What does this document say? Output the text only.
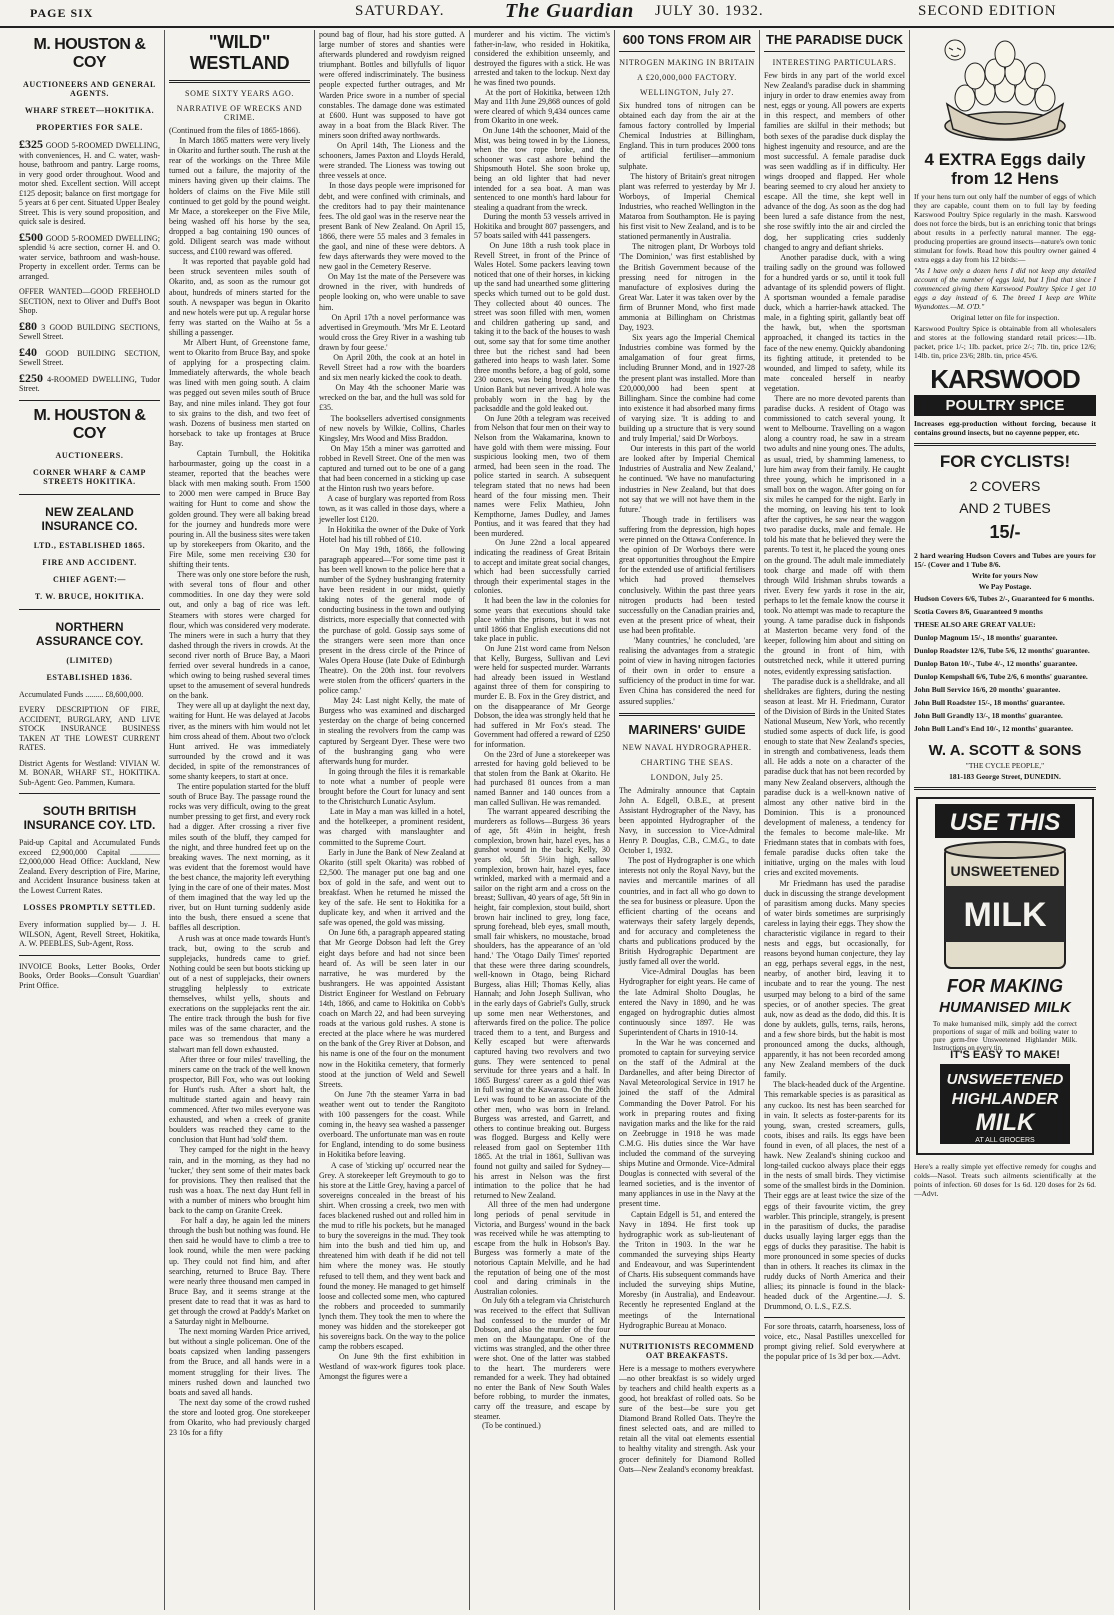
PAGE SIX	SATURDAY.	The Guardian JULY 30. 1932.	SECOND EDITION
M. HOUSTON & COY
AUCTIONEERS AND GENERAL AGENTS.
WHARF STREET—HOKITIKA.
PROPERTIES FOR SALE.

£325 GOOD 5-ROOMED DWELLING, with conveniences, H. and C. water, wash-house, bathroom and pantry. Large rooms, in very good order throughout. Wood and motor shed. Excellent section. Will accept £125 deposit; balance on first mortgage for 5 years at 6 per cent. Situated Upper Bealey Street. This is very sound proposition, and quick sale is desired.

£500 GOOD 5-ROOMED DWELLING; splendid ¼ acre section, corner H. and O. water service, bathroom and wash-house. Property in excellent order. Terms can be arranged.

OFFER WANTED—GOOD FREEHOLD SECTION, next to Oliver and Duff's Boot Shop.

£80 3 GOOD BUILDING SECTIONS, Sewell Street.

£40 GOOD BUILDING SECTION, Sewell Street.

£250 4-ROOMED DWELLING, Tudor Street.

M. HOUSTON & COY
AUCTIONEERS.
CORNER WHARF & CAMP STREETS HOKITIKA.
NEW ZEALAND INSURANCE CO.
LTD., ESTABLISHED 1865.
FIRE AND ACCIDENT.
CHIEF AGENT:—
T. W. BRUCE, HOKITIKA.
NORTHERN ASSURANCE COY.
(LIMITED)
ESTABLISHED 1836.

Accumulated Funds ......... £8,600,000.

EVERY DESCRIPTION OF FIRE, ACCIDENT, BURGLARY, AND LIVE STOCK INSURANCE BUSINESS TAKEN AT THE LOWEST CURRENT RATES.

District Agents for Westland: VIVIAN W. M. BONAR, WHARF ST., HOKITIKA. Sub-Agent: Geo. Pammen, Kumara.

SOUTH BRITISH INSURANCE COY. LTD.

Paid-up Capital and Accumulated Funds exceed £2,900,000 Capital ............... £2,000,000 Head Office: Auckland, New Zealand. Every description of Fire, Marine, and Accident Insurance business taken at the Lowest Current Rates.

LOSSES PROMPTLY SETTLED.

Every information supplied by— J. H. WILSON, Agent, Revell Street, Hokitika, A. W. PEEBLES, Sub-Agent, Ross.

INVOICE Books, Letter Books, Order Books, Order Books—Consult 'Guardian' Print Office.

"WILD" WESTLAND
SOME SIXTY YEARS AGO.
NARRATIVE OF WRECKS AND CRIME.

(Continued from the files of 1865-1866).
In March 1865 matters were very lively in Okarito and further south. The rush at the rear of the workings on the Three Mile turned out a failure, the majority of the miners having given up their claims. The holders of claims on the Five Mile still continued to get gold by the pound weight. Mr Mace, a storekeeper on the Five Mile, being washed off his horse by the sea, dropped a bag containing 190 ounces of gold. Diligent search was made without success, and £100 reward was offered.
It was reported that payable gold had been struck seventeen miles south of Okarito, and, as soon as the rumour got about, hundreds of miners started for the south. A newspaper was begun in Okarito and new hotels were put up. A regular horse ferry was started on the Waiho at 5s a shilling a passenger.
Mr Albert Hunt, of Greenstone fame, went to Okarito from Bruce Bay, and spoke of applying for a prospecting claim. Immediately afterwards, the whole beach was lined with men going south. A claim was pegged out seven miles south of Bruce Bay, and nine miles inland. They got four to six grains to the dish, and two feet of wash. Dozens of business men started on horseback to take up frontages at Bruce Bay.
Captain Turnbull, the Hokitika harbourmaster, going up the coast in a steamer, reported that the beaches were black with men making south. From 1500 to 2000 men were camped in Bruce Bay waiting for Hunt to come and show the golden ground. They were all baking bread for the journey and hundreds more were pouring in. All the business sites were taken up by storekeepers from Okarito, and the Fire Mile, some men receiving £30 for shifting their tents.
There was only one store before the rush, with several tons of flour and other commodities. In one day they were sold out, and only a bag of rice was left. Steamers with stores were charged for flour, which was considered very moderate. The miners were in such a hurry that they dashed through the rivers in crowds. At the second river north of Bruce Bay, a Maori ferried over several hundreds in a canoe, which owing to being rushed several times upset to the amusement of several hundreds on the bank.
They were all up at daylight the next day, waiting for Hunt. He was delayed at Jacobs river, as the miners with him would not let him cross ahead of them. About two o'clock Hunt arrived. He was immediately surrounded by the crowd and it was decided, in spite of the remonstrances of some shanty keepers, to start at once.
The entire population started for the bluff south of Bruce Bay. The passage round the rocks was very difficult, owing to the great number pressing to get first, and every rock had a digger. After crossing a river five miles south of the bluff, they camped for the night, and three hundred feet up on the breaking waves. The next morning, as it was evident that the foremost would have the best chance, the majority left everything lying in the care of one of their mates. Most of them imagined that the way led up the river, but on Hunt turning suddenly aside into the bush, there ensued a scene that baffles all description.
A rush was at once made towards Hunt's track, but, owing to the scrub and supplejacks, hundreds came to grief. Nothing could be seen but boots sticking up out of a nest of supplejacks, their owners struggling helplessly to extricate themselves, whilst yells, shouts and execrations on the supplejacks rent the air. The entire track through the bush for five miles was of the same character, and the pace was so tremendous that many a stalwart man fell down exhausted.
After three or four miles' travelling, the miners came on the track of the well known prospector, Bill Fox, who was out looking for Hunt's rush. After a short halt, the multitude started again and heavy rain commenced. After two miles everyone was exhausted, and when a creek of granite boulders was reached they came to the conclusion that Hunt had 'sold' them.
They camped for the night in the heavy rain, and in the morning, as they had no 'tucker,' they sent some of their mates back for provisions. They then realised that the rush was a hoax. The next day Hunt fell in with a number of miners who brought him back to the camp on Granite Creek.
For half a day, he again led the miners through the bush but nothing was found. He then said he would have to climb a tree to look round, while the men were packing up. They could not find him, and after searching, returned to Bruce Bay. There were nearly three thousand men camped in Bruce Bay, and it seems strange at the present date to read that it was as hard to get through the crowd at Paddy's Market on a Saturday night in Melbourne.
The next morning Warden Price arrived, but without a single policeman. One of the boats capsized when landing passengers from the Bruce, and all hands were in a moment struggling for their lives. The miners rushed down and launched two boats and saved all hands.
The next day some of the crowd rushed the store and looted grog. One storekeeper from Okarito, who had previously charged 23 10s for a fifty

pound bag of flour, had his store gutted. A large number of stores and shanties were afterwards plundered and rowdyism reigned triumphant. Bottles and billyfulls of liquor were offered indiscriminately. The business people expected further outrages, and Mr Warden Price swore in a number of special constables. The damage done was estimated at £600. Hunt was supposed to have got away in a boat from the Black River. The miners soon drifted away northwards.
On April 14th, The Lioness and the schooners, James Paxton and Lloyds Herald, were stranded. The Lioness was towing out three vessels at once.
In those days people were imprisoned for debt, and were confined with criminals, and the creditors had to pay their maintenance fees. The old gaol was in the reserve near the present Bank of New Zealand. On April 15, 1866, there were 55 males and 3 females in the gaol, and nine of these were debtors. A few days afterwards they were moved to the new gaol in the Cemetery Reserve.
On May 1st the mate of the Persevere was drowned in the river, with hundreds of people looking on, who were unable to save him.
On April 17th a novel performance was advertised in Greymouth. 'Mrs Mr E. Leotard would cross the Grey River in a washing tub drawn by four geese.'
On April 20th, the cook at an hotel in Revell Street had a row with the boarders and six men nearly kicked the cook to death.
On May 4th the schooner Marie was wrecked on the bar, and the hull was sold for £35.
The booksellers advertised consignments of new novels by Wilkie, Collins, Charles Kingsley, Mrs Wood and Miss Braddon.
On May 15th a miner was garrotted and robbed in Revell Street. One of the men was captured and turned out to be one of a gang that had been concerned in a sticking up case at the Hinton rush two years before.
A case of burglary was reported from Ross town, as it was called in those days, where a jeweller lost £120.
In Hokitika the owner of the Duke of York Hotel had his till robbed of £10.
On May 19th, 1866, the following paragraph appeared—'For some time past it has been well known to the police here that a number of the Sydney bushranging fraternity have been resident in our midst, quietly taking notes of the general mode of conducting business in the town and outlying districts, more especially that connected with the purchase of gold. Gossip says some of the strangers were seen more than once present in the dress circle of the Prince of Wales Opera House (late Duke of Edinburgh Theatre). On the 20th inst. four revolvers were stolen from the officers' quarters in the police camp.'
May 24: Last night Kelly, the mate of Burgess who was examined and discharged yesterday on the charge of being concerned in stealing the revolvers from the camp was captured by Sergeant Dyer. These were two of the bushranging gang who were afterwards hung for murder.
In going through the files it is remarkable to note what a number of people were brought before the Court for lunacy and sent to the Christchurch Lunatic Asylum.
Late in May a man was killed in a hotel, and the hotelkeeper, a prominent resident, was charged with manslaughter and committed to the Supreme Court.
Early in June the Bank of New Zealand at Okarito (still spelt Okarita) was robbed of £2,500. The manager put one bag and one box of gold in the safe, and went out to breakfast. When he returned he missed the key of the safe. He sent to Hokitika for a duplicate key, and when it arrived and the safe was opened, the gold was missing.
On June 6th, a paragraph appeared stating that Mr George Dobson had left the Grey eight days before and had not since been heard of. As will be seen later in our narrative, he was murdered by the bushrangers. He was appointed Assistant District Engineer for Westland on February 14th, 1866, and came to Hokitika on Cobb's coach on March 22, and had been surveying roads at the various gold rushes. A stone is erected at the place where he was murdered on the bank of the Grey River at Dobson, and his name is one of the four on the monument now in the Hokitika cemetery, that formerly stood at the junction of Weld and Sewell Streets.
On June 7th the steamer Yarra in bad weather went out to tender the Rangitoto with 100 passengers for the coast. While coming in, the heavy sea washed a passenger overboard. The unfortunate man was en route for England, intending to do some business in Hokitika before leaving.
A case of 'sticking up' occurred near the Grey. A storekeeper left Greymouth to go to his store at the Little Grey, having a parcel of sovereigns concealed in the breast of his shirt. When crossing a creek, two men with faces blackened rushed out and rolled him in the mud to rifle his pockets, but he managed to bury the sovereigns in the mud. They took him into the bush and tied him up, and threatened him with death if he did not tell him where the money was. He stoutly refused to tell them, and they went back and found the money. He managed to get himself loose and collected some men, who captured the robbers and proceeded to summarily lynch them. They took the men to where the money was hidden and the storekeeper got his sovereigns back. On the way to the police camp the robbers escaped.
On June 9th the first exhibition in Westland of wax-work figures took place. Amongst the figures were a

murderer and his victim. The victim's father-in-law, who resided in Hokitika, considered the exhibition unseemly, and destroyed the figures with a stick. He was arrested and taken to the lockup. Next day he was fined two pounds.
At the port of Hokitika, between 12th May and 11th June 29,868 ounces of gold were cleared of which 9,434 ounces came from Okarito in one week.
On June 14th the schooner, Maid of the Mist, was being towed in by the Lioness, when the tow rope broke, and the schooner was cast ashore behind the Shipsmouth Hotel. She soon broke up, being an old lighter that had never intended for a sea boat. A man was sentenced to one month's hard labour for stealing a quadrant from the wreck.
During the month 53 vessels arrived in Hokitika and brought 807 passengers, and 57 boats sailed with 441 passengers.
On June 18th a rush took place in Revell Street, in front of the Prince of Wales Hotel. Some packers leaving town noticed that one of their horses, in kicking up the sand had unearthed some glittering specks which turned out to be gold dust. They collected about 40 ounces. The street was soon filled with men, women and children gathering up sand, and taking it to the back of the houses to wash out, some say that for some time another three but the richest sand had been gathered into heaps to wash later. Some three months before, a bag of gold, some 230 ounces, was being brought into the Union Bank but never arrived. A hole was probably worn in the bag by the packsaddle and the gold leaked out.
On June 20th a telegram was received from Nelson that four men on their way to Nelson from the Wakamarina, known to have gold with them were missing. Four suspicious looking men, two of them armed, had been seen in the road. The police started in search. A subsequent telegram stated that no news had been heard of the four missing men. Their names were Felix Mathieu, John Kempthorne, James Dudley, and James Pontius, and it was feared that they had been murdered.
On June 22nd a local appeared indicating the readiness of Great Britain to accept and imitate great social changes, which had been successfully carried through their experimental stages in the colonies.
It had been the law in the colonies for some years that executions should take place within the prisons, but it was not until 1866 that English executions did not take place in public.
On June 21st word came from Nelson that Kelly, Burgess, Sullivan and Levi were held for suspected murder. Warrants had already been issued in Westland against three of them for conspiring to murder E. B. Fox in the Grey district, and on the disappearance of Mr George Dobson, the idea was strongly held that he had suffered in Mr Fox's stead. The Government had offered a reward of £250 for information.
On the 23rd of June a storekeeper was arrested for having gold believed to be that stolen from the Bank at Okarito. He had purchased 81 ounces from a man named Banner and 140 ounces from a man called Sullivan. He was remanded.
The warrant appeared describing the murderers as follows—Burgess 36 years of age, 5ft 4½in in height, fresh complexion, brown hair, hazel eyes, has a gunshot wound in the back; Kelly, 30 years old, 5ft 5½in high, sallow complexion, brown hair, hazel eyes, face wrinkled, marked with a mermaid and a sailor on the right arm and a cross on the breast; Sullivan, 40 years of age, 5ft 9in in height, fair complexion, stout build, short brown hair inclined to grey, long face, sprung forehead, bleb eyes, small mouth, small fair whiskers, no moustache, broad shoulders, has the appearance of an 'old hand.' The 'Otago Daily Times' reported that these were three daring scoundrels, well-known in Otago, being Richard Burgess, alias Hill; Thomas Kelly, alias Hannah; and John Joseph Sullivan, who in the early days of Gabriel's Gully, struck up some men near Wetherstones, and afterwards fired on the police. The police traced them to a tent, and Burgess and Kelly escaped but were afterwards captured having two revolvers and two guns. They were sentenced to penal servitude for three years and a half. In 1865 Burgess' career as a gold thief was in full swing at the Kawarau. On the 26th Levi was found to be an associate of the other men, who was born in Ireland. Burgess was arrested, and Garrett, and others to continue breaking out. Burgess was flogged. Burgess and Kelly were released from gaol on September 11th 1865. At the trial in 1861, Sullivan was found not guilty and sailed for Sydney—his arrest in Nelson was the first intimation to the police that he had returned to New Zealand.
All three of the men had undergone long periods of penal servitude in Victoria, and Burgess' wound in the back was received while he was attempting to escape from the hulk in Hobson's Bay. Burgess was formerly a mate of the notorious Captain Melville, and he had the reputation of being one of the most cool and daring criminals in the Australian colonies.
On July 6th a telegram via Christchurch was received to the effect that Sullivan had confessed to the murder of Mr Dobson, and also the murder of the four men on the Maungatapu. One of the victims was strangled, and the other three were shot. One of the latter was stabbed to the heart. The murderers were remanded for a week. They had obtained no enter the Bank of New South Wales before robbing, to murder the inmates, carry off the treasure, and escape by steamer.
(To be continued.)

600 TONS FROM AIR
NITROGEN MAKING IN BRITAIN
A £20,000,000 FACTORY.
WELLINGTON, July 27.

Six hundred tons of nitrogen can be obtained each day from the air at the famous factory controlled by Imperial Chemical Industries at Billingham, England. This in turn produces 2000 tons of artificial fertiliser—ammonium sulphate.
The history of Britain's great nitrogen plant was referred to yesterday by Mr J. Worboys, of Imperial Chemical Industries, who reached Wellington in the Mataroa from Southampton. He is paying his first visit to New Zealand, and is to be stationed permanently in Australia.
The nitrogen plant, Dr Worboys told 'The Dominion,' was first established by the British Government because of the pressing need for nitrogen in the manufacture of explosives during the Great War. Later it was taken over by the firm of Brunner Mond, who first made ammonia at Billingham on Christmas Day, 1923.
Six years ago the Imperial Chemical Industries combine was formed by the amalgamation of four great firms, including Brunner Mond, and in 1927-28 the present plant was installed. More than £20,000,000 had been spent at Billingham. Since the combine had come into existence it had absorbed many firms of varying size. 'It is adding to and building up a structure that is very sound and truly Imperial,' said Dr Worboys.
Our interests in this part of the world are looked after by Imperial Chemical Industries of Australia and New Zealand,' he continued. 'We have no manufacturing industries in New Zealand, but that does not say that we will not have them in the future.'
Though trade in fertilisers was suffering from the depression, high hopes were pinned on the Ottawa Conference. In the opinion of Dr Worboys there were great opportunities throughout the Empire for the extended use of artificial fertilisers which had proved themselves conclusively. Within the past three years nitrogen products had been tested successfully on the Canadian prairies and, even at the present price of wheat, their use had been profitable.
'Many countries,' he concluded, 'are realising the advantages from a strategic point of view in having nitrogen factories of their own in order to ensure a sufficiency of the product in time for war. Even China has considered the need for assured supplies.'

MARINERS' GUIDE
NEW NAVAL HYDROGRAPHER.
CHARTING THE SEAS.
LONDON, July 25.

The Admiralty announce that Captain John A. Edgell, O.B.E., at present Assistant Hydrographer of the Navy, has been appointed Hydrographer of the Navy, in succession to Vice-Admiral Henry P. Douglas, C.B., C.M.G., to date October 1, 1932.
The post of Hydrographer is one which interests not only the Royal Navy, but the navies and mercantile marines of all countries, and in fact all who go down to the sea for business or pleasure. Upon the efficient charting of the oceans and waterways their safety largely depends, and for accuracy and completeness the charts and publications produced by the British Hydrographic Department are justly famed all over the world.
Vice-Admiral Douglas has been Hydrographer for eight years. He came of the late Admiral Sholto Douglas, he entered the Navy in 1890, and he was engaged on hydrographic duties almost continuously since 1897. He was Superintendent of Charts in 1910-14.
In the War he was concerned and promoted to captain for surveying service on the staff of the Admiral at the Dardanelles, and after being Director of Naval Meteorological Service in 1917 he joined the staff of the Admiral Commanding the Dover Patrol. For his work in preparing routes and fixing navigation marks and the like for the raid on Zeebrugge in 1918 he was made C.M.G. His duties since the War have included the command of the surveying ships Mutine and Ormonde. Vice-Admiral Douglas is connected with several of the learned societies, and is the inventor of many appliances in use in the Navy at the present time.
Captain Edgell is 51, and entered the Navy in 1894. He first took up hydrographic work as sub-lieutenant of the Triton in 1903. In the war he commanded the surveying ships Hearty and Endeavour, and was Superintendent of Charts. His subsequent commands have included the surveying ships Mutine, Moresby (in Australia), and Endeavour. Recently he represented England at the meetings of the International Hydrographic Bureau at Monaco.

NUTRITIONISTS RECOMMEND OAT BREAKFASTS.

Here is a message to mothers everywhere—no other breakfast is so widely urged by teachers and child health experts as a good, hot breakfast of rolled oats. So be sure of the best—be sure you get Diamond Brand Rolled Oats. They're the finest selected oats, and are milled to retain all the vital oat elements essential to healthy vitality and strength. Ask your grocer definitely for Diamond Rolled Oats—New Zealand's economy breakfast.

THE PARADISE DUCK
INTERESTING PARTICULARS.

Few birds in any part of the world excel New Zealand's paradise duck in shamming injury in order to draw enemies away from nest, eggs or young. All powers are experts in this respect, and members of other families are skilful in their methods; but both sexes of the paradise duck display the highest ingenuity and resource, and are the most successful. A female paradise duck was seen waddling as if in difficulty. Her wings drooped and flapped. Her whole bearing seemed to cry aloud her anxiety to escape. All the time, she kept well in advance of the dog. As soon as the dog had been lured a safe distance from the nest, she rose swiftly into the air and circled the dog, her supplicating cries suddenly changed to angry and defiant shrieks.
Another paradise duck, with a wing trailing sadly on the ground was followed for a hundred yards or so, until it took full advantage of its splendid powers of flight. A sportsman wounded a female paradise duck, which a harrier-hawk attacked. The male, in a fighting spirit, gallantly beat off the hawk, but, when the sportsman approached, it changed its tactics in the face of the new enemy. Quickly abandoning its fighting attitude, it pretended to be wounded, and limped to safety, while its mate concealed herself in nearby vegetation.
There are no more devoted parents than paradise ducks. A resident of Otago was commissioned to catch several young. It went to Melbourne. Travelling on a wagon along a country road, he saw in a stream two adults and nine young ones. The adults, as usual, tried, by shamming lameness, to lure him away from their family. He caught three young, which he imprisoned in a small box on the wagon. After going on for six miles he camped for the night. Early in the morning, on leaving his tent to look after the captives, he saw near the waggon two paradise ducks, male and female. He told his mate that he believed they were the parents. To test it, he placed the young ones on the ground. The adult male immediately took charge and made off with them through Wild Irishman shrubs towards a river. Every few yards it rose in the air, perhaps to let the female know the course it took. No attempt was made to recapture the young. A tame paradise duck in fishponds at Masterton became very fond of the keeper, following him about and sitting on the ground in front of him, with outstretched neck, while it uttered purring notes, evidently expressing satisfaction.
The paradise duck is a shelldrake, and all shelldrakes are fighters, during the nesting season at least. Mr H. Friedmann, Curator of the Division of Birds in the United States National Museum, New York, who recently studied some aspects of duck life, is good enough to state that New Zealand's species, in strength and combativeness, leads them all. He adds a note on a character of the paradise duck that has not been recorded by many New Zealand observers, although the paradise duck is a well-known native of almost any other native bird in the Dominion. This is a pronounced development of maleness, a tendency for the females to become male-like. Mr Friedmann states that in combats with foes, female paradise ducks often take the initiative, urging on the males with loud cries and excited movements.
Mr Friedmann has used the paradise duck in discussing the strange development of parasitism among ducks. Many species of water birds sometimes are surprisingly careless in laying their eggs. They show the characteristic vigilance in regard to their nests and eggs, but occasionally, for reasons beyond human conjecture, they lay an egg, perhaps several eggs, in the nest, nearby, of another bird, leaving it to incubate and to rear the young. The nest usurped may belong to a bird of the same species, or of another species. The great auk, now as dead as the dodo, did this. It is done by auklets, gulls, terns, rails, herons, and a few shore birds, but the habit is most pronounced among the ducks, although, apparently, it has not been recorded among any New Zealand members of the duck family.
The black-headed duck of the Argentine. This remarkable species is as parasitical as any cuckoo. Its nest has been searched for in vain. It selects as foster-parents for its young, swan, crested screamers, gulls, coots, ibises and rails. Its eggs have been found in even, of all places, the nest of a hawk. New Zealand's shining cuckoo and long-tailed cuckoo always place their eggs in the nests of small birds. They victimise some of the smallest birds in the Dominion. Their eggs are at least twice the size of the eggs of their favourite victim, the grey warbler. This principle, strangely, is present in the parasitism of ducks, the paradise ducks usually laying larger eggs than the eggs of ducks they parasitise. The habit is more pronounced in some species of ducks than in others. It reaches its climax in the ruddy ducks of North America and their allies; its pinnacle is found in the black-headed duck of the Argentine.—J. S. Drummond, O. L.S., F.Z.S.

For sore throats, catarrh, hoarseness, loss of voice, etc., Nasal Pastilles unexcelled for prompt giving relief. Sold everywhere at the popular price of 1s 3d per box.—Advt.

4 EXTRA Eggs daily from 12 Hens

If your hens turn out only half the number of eggs of which they are capable, count them on to full lay by feeding Karswood Poultry Spice regularly in the mash. Karswood does not force the birds, but is an enriching tonic that brings about results in a perfectly natural manner. The egg-producing properties are ground insects—nature's own tonic stimulant for fowls. Read how this poultry owner gained 4 extra eggs a day from his 12 birds:—

"As I have only a dozen hens I did not keep any detailed account of the number of eggs laid, but I find that since I commenced giving them Karswood Poultry Spice I get 10 eggs a day instead of 6. The breed I keep are White Wyandottes.—M. O'D."

Original letter on file for inspection.

Karswood Poultry Spice is obtainable from all wholesalers and stores at the following standard retail prices:—1lb. packet, price 1/-; 1lb. packet, price 2/-; 7lb. tin, price 12/6; 14lb. tin, price 23/6; 28lb. tin, price 45/6.

KARSWOOD
POULTRY SPICE

Increases egg-production without forcing, because it contains ground insects, but no cayenne pepper, etc.

FOR CYCLISTS!
2 COVERS
AND 2 TUBES
15/-

2 hard wearing Hudson Covers and Tubes are yours for 15/- (Cover and 1 Tube 8/6.

Write for yours Now

We Pay Postage.

Hudson Covers 6/6, Tubes 2/-, Guaranteed for 6 months.
Scotia Covers 8/6, Guaranteed 9 months
THESE ALSO ARE GREAT VALUE:
Dunlop Magnum 15/-, 18 months' guarantee.
Dunlop Roadster 12/6, Tube 5/6, 12 months' guarantee.
Dunlop Baton 10/-, Tube 4/-, 12 months' guarantee.
Dunlop Kempshall 6/6, Tube 2/6, 6 months' guarantee.
John Bull Service 16/6, 20 months' guarantee.
John Bull Roadster 15/-, 18 months' guarantee.
John Bull Grandly 13/-, 18 months' guarantee.
John Bull Land's End 10/-, 12 months' guarantee.
W. A. SCOTT & SONS

"THE CYCLE PEOPLE,"

181-183 George Street, DUNEDIN.

USE THIS
UNSWEETENED
MILK
FOR MAKING
HUMANISED MILK
IT'S EASY TO MAKE!
UNSWEETENED
HIGHLANDER
MILK
AT ALL GROCERS

To make humanised milk, simply add the correct proportions of sugar of milk and boiling water to pure germ-free Unsweetened Highlander Milk. Instructions on every tin.

Here's a really simple yet effective remedy for coughs and colds—Nasol. Treats such ailments scientifically at the points of infection. 60 doses for 1s 6d. 120 doses for 2s 6d.—Advt.
